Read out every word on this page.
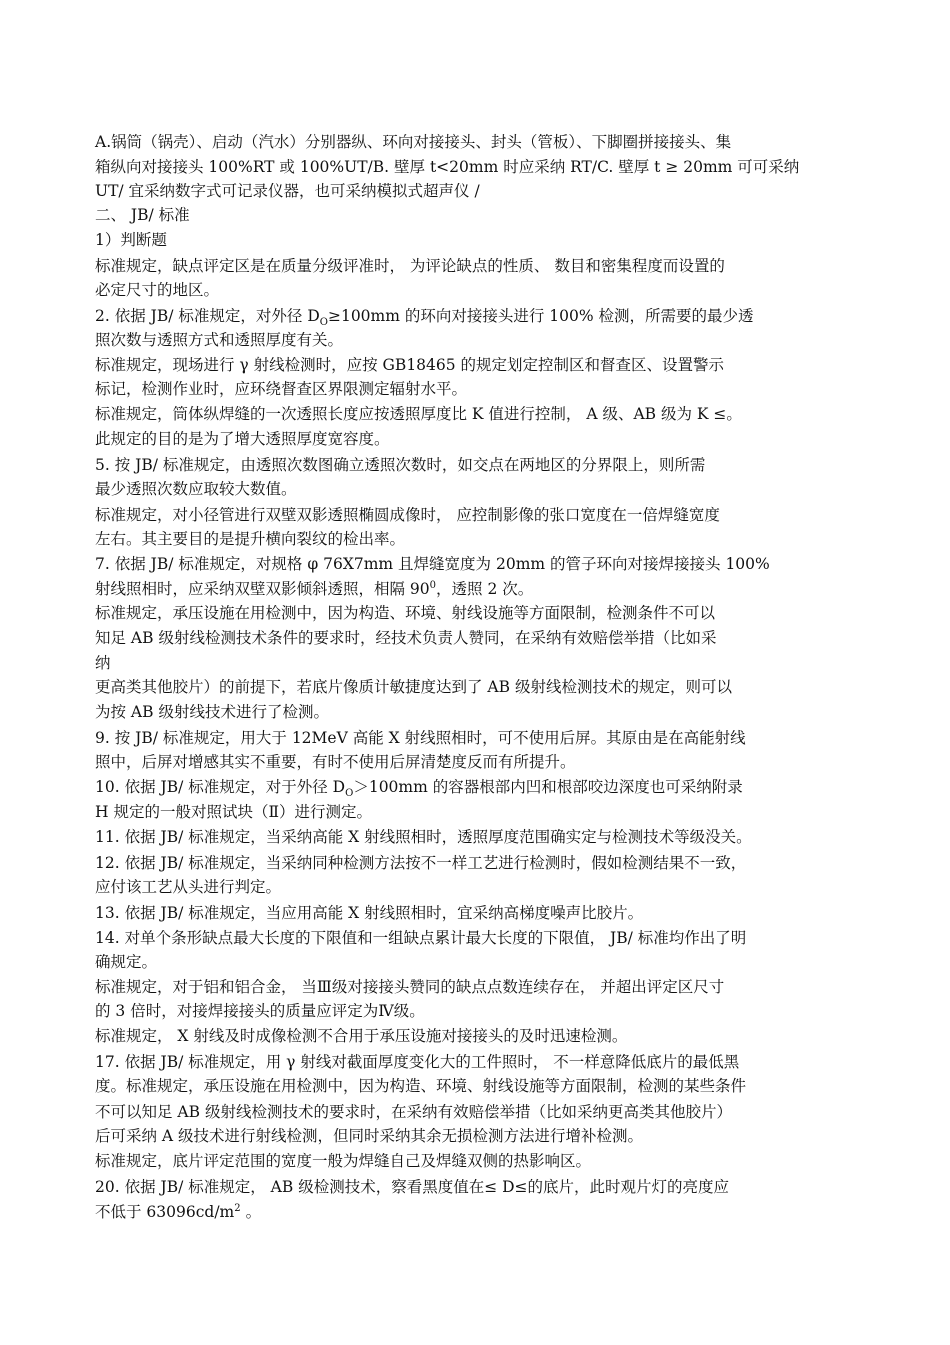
A.锅筒（锅壳）、启动（汽水）分别器纵、环向对接接头、封头（管板）、下脚圈拼接接头、集
箱纵向对接接头 100%RT 或 100%UT/B. 壁厚 t<20mm 时应采纳 RT/C. 壁厚 t ≥ 20mm 可可采纳
UT/ 宜采纳数字式可记录仪器，也可采纳模拟式超声仪 /
二、 JB/ 标准
1）判断题
标准规定，缺点评定区是在质量分级评准时， 为评论缺点的性质、 数目和密集程度而设置的
必定尺寸的地区。
2. 依据 JB/ 标准规定，对外径 $D_O\ge 100mm$ 的环向对接接头进行 100% 检测，所需要的最少透
照次数与透照方式和透照厚度有关。
标准规定，现场进行 γ 射线检测时，应按 GB18465 的规定划定控制区和督查区、设置警示
标记，检测作业时，应环绕督查区界限测定辐射水平。
标准规定，筒体纵焊缝的一次透照长度应按透照厚度比 K 值进行控制， A 级、AB 级为 K ≤。
此规定的目的是为了增大透照厚度宽容度。
5. 按 JB/ 标准规定，由透照次数图确立透照次数时，如交点在两地区的分界限上，则所需
最少透照次数应取较大数值。
标准规定，对小径管进行双壁双影透照椭圆成像时， 应控制影像的张口宽度在一倍焊缝宽度
左右。其主要目的是提升横向裂纹的检出率。
7. 依据 JB/ 标准规定，对规格 φ 76X7mm 且焊缝宽度为 20mm 的管子环向对接焊接接头 100%
射线照相时，应采纳双壁双影倾斜透照，相隔 $90^0$，透照 2 次。
标准规定，承压设施在用检测中，因为构造、环境、射线设施等方面限制，检测条件不可以
知足 AB 级射线检测技术条件的要求时，经技术负责人赞同，在采纳有效赔偿举措（比如采
纳
更高类其他胶片）的前提下，若底片像质计敏捷度达到了 AB 级射线检测技术的规定，则可以
为按 AB 级射线技术进行了检测。
9. 按 JB/ 标准规定，用大于 12MeV 高能 X 射线照相时，可不使用后屏。其原由是在高能射线
照中，后屏对增感其实不重要，有时不使用后屏清楚度反而有所提升。
10. 依据 JB/ 标准规定，对于外径 $D_O>100mm$ 的容器根部内凹和根部咬边深度也可采纳附录
H 规定的一般对照试块（Ⅱ）进行测定。
11. 依据 JB/ 标准规定，当采纳高能 X 射线照相时，透照厚度范围确实定与检测技术等级没关。
12. 依据 JB/ 标准规定，当采纳同种检测方法按不一样工艺进行检测时，假如检测结果不一致，
应付该工艺从头进行判定。
13. 依据 JB/ 标准规定，当应用高能 X 射线照相时，宜采纳高梯度噪声比胶片。
14. 对单个条形缺点最大长度的下限值和一组缺点累计最大长度的下限值， JB/ 标准均作出了明
确规定。
标准规定，对于铝和铝合金， 当Ⅲ级对接接头赞同的缺点点数连续存在， 并超出评定区尺寸
的 3 倍时，对接焊接接头的质量应评定为Ⅳ级。
标准规定， X 射线及时成像检测不合用于承压设施对接接头的及时迅速检测。
17. 依据 JB/ 标准规定，用 γ 射线对截面厚度变化大的工件照时， 不一样意降低底片的最低黑
度。标准规定，承压设施在用检测中，因为构造、环境、射线设施等方面限制，检测的某些条件
不可以知足 AB 级射线检测技术的要求时，在采纳有效赔偿举措（比如采纳更高类其他胶片）
后可采纳 A 级技术进行射线检测，但同时采纳其余无损检测方法进行增补检测。
标准规定，底片评定范围的宽度一般为焊缝自己及焊缝双侧的热影响区。
20. 依据 JB/ 标准规定， AB 级检测技术，察看黑度值在≤ D≤的底片，此时观片灯的亮度应
不低于 $63096cd/m^2$ 。
